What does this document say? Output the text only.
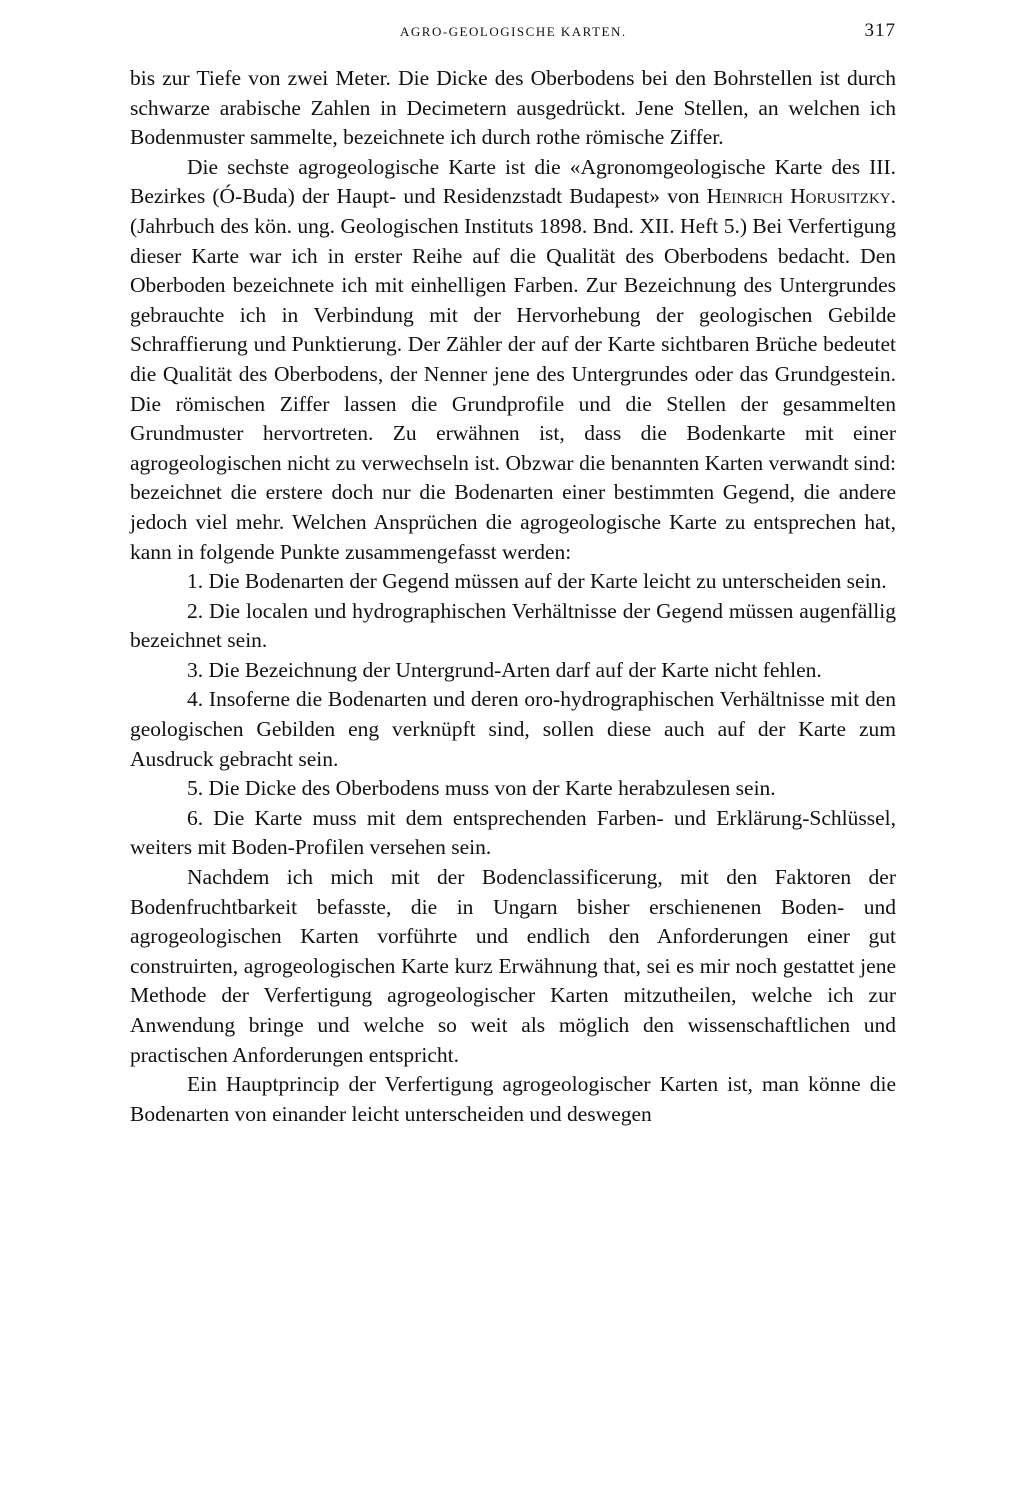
AGRO-GEOLOGISCHE KARTEN.	317

bis zur Tiefe von zwei Meter. Die Dicke des Oberbodens bei den Bohrstellen ist durch schwarze arabische Zahlen in Decimetern ausgedrückt. Jene Stellen, an welchen ich Bodenmuster sammelte, bezeichnete ich durch rothe römische Ziffer.

Die sechste agrogeologische Karte ist die «Agronomgeologische Karte des III. Bezirkes (Ó-Buda) der Haupt- und Residenzstadt Budapest» von Heinrich Horusitzky. (Jahrbuch des kön. ung. Geologischen Instituts 1898. Bnd. XII. Heft 5.) Bei Verfertigung dieser Karte war ich in erster Reihe auf die Qualität des Oberbodens bedacht. Den Oberboden bezeichnete ich mit einhelligen Farben. Zur Bezeichnung des Untergrundes gebrauchte ich in Verbindung mit der Hervorhebung der geologischen Gebilde Schraffierung und Punktierung. Der Zähler der auf der Karte sichtbaren Brüche bedeutet die Qualität des Oberbodens, der Nenner jene des Untergrundes oder das Grundgestein. Die römischen Ziffer lassen die Grundprofile und die Stellen der gesammelten Grundmuster hervortreten. Zu erwähnen ist, dass die Bodenkarte mit einer agrogeologischen nicht zu verwechseln ist. Obzwar die benannten Karten verwandt sind: bezeichnet die erstere doch nur die Bodenarten einer bestimmten Gegend, die andere jedoch viel mehr. Welchen Ansprüchen die agrogeologische Karte zu entsprechen hat, kann in folgende Punkte zusammengefasst werden:

1. Die Bodenarten der Gegend müssen auf der Karte leicht zu unterscheiden sein.

2. Die localen und hydrographischen Verhältnisse der Gegend müssen augenfällig bezeichnet sein.

3. Die Bezeichnung der Untergrund-Arten darf auf der Karte nicht fehlen.

4. Insoferne die Bodenarten und deren oro-hydrographischen Verhältnisse mit den geologischen Gebilden eng verknüpft sind, sollen diese auch auf der Karte zum Ausdruck gebracht sein.

5. Die Dicke des Oberbodens muss von der Karte herabzulesen sein.

6. Die Karte muss mit dem entsprechenden Farben- und Erklärung-Schlüssel, weiters mit Boden-Profilen versehen sein.

Nachdem ich mich mit der Bodenclassificerung, mit den Faktoren der Bodenfruchtbarkeit befasste, die in Ungarn bisher erschienenen Boden- und agrogeologischen Karten vorführte und endlich den Anforderungen einer gut construirten, agrogeologischen Karte kurz Erwähnung that, sei es mir noch gestattet jene Methode der Verfertigung agrogeologischer Karten mitzutheilen, welche ich zur Anwendung bringe und welche so weit als möglich den wissenschaftlichen und practischen Anforderungen entspricht.

Ein Hauptprincip der Verfertigung agrogeologischer Karten ist, man könne die Bodenarten von einander leicht unterscheiden und deswegen
